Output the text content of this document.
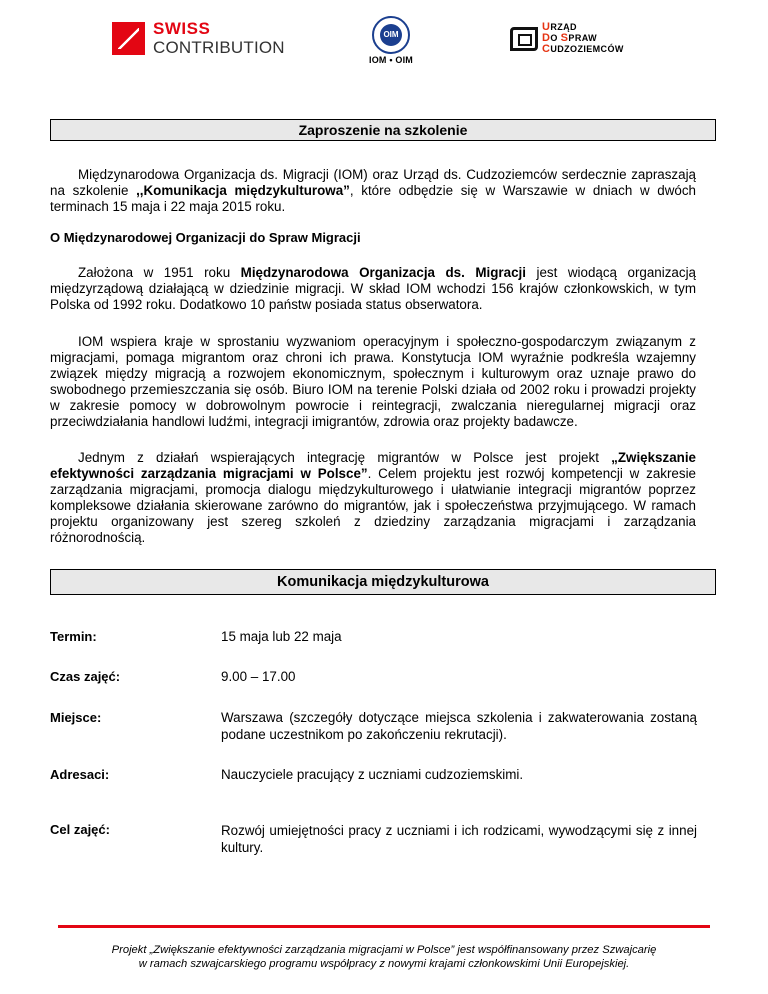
SWISS
CONTRIBUTION
OIM
IOM • OIM
URZĄD
DO SPRAW
CUDZOZIEMCÓW
Zaproszenie na szkolenie
Międzynarodowa Organizacja ds. Migracji (IOM) oraz Urząd ds. Cudzoziemców serdecznie zapraszają na szkolenie ,,Komunikacja międzykulturowa”, które odbędzie się w Warszawie w dniach w dwóch terminach 15 maja i 22 maja 2015 roku.
O Międzynarodowej Organizacji do Spraw Migracji
Założona w 1951 roku Międzynarodowa Organizacja ds. Migracji jest wiodącą organizacją międzyrządową działającą w dziedzinie migracji. W skład IOM wchodzi 156 krajów członkowskich, w tym Polska od 1992 roku. Dodatkowo 10 państw posiada status obserwatora.
IOM wspiera kraje w sprostaniu wyzwaniom operacyjnym i społeczno-gospodarczym związanym z migracjami, pomaga migrantom oraz chroni ich prawa. Konstytucja IOM wyraźnie podkreśla wzajemny związek między migracją a rozwojem ekonomicznym, społecznym i kulturowym oraz uznaje prawo do swobodnego przemieszczania się osób. Biuro IOM na terenie Polski działa od 2002 roku i prowadzi projekty w zakresie pomocy w dobrowolnym powrocie i reintegracji, zwalczania nieregularnej migracji oraz przeciwdziałania handlowi ludźmi, integracji imigrantów, zdrowia oraz projekty badawcze.
Jednym z działań wspierających integrację migrantów w Polsce jest projekt „Zwiększanie efektywności zarządzania migracjami w Polsce”. Celem projektu jest rozwój kompetencji w zakresie zarządzania migracjami, promocja dialogu międzykulturowego i ułatwianie integracji migrantów poprzez kompleksowe działania skierowane zarówno do migrantów, jak i społeczeństwa przyjmującego. W ramach projektu organizowany jest szereg szkoleń z dziedziny zarządzania migracjami i zarządzania różnorodnością.
Komunikacja międzykulturowa
Termin:	15 maja lub 22 maja
Czas zajęć:	9.00 – 17.00
Miejsce:	Warszawa (szczegóły dotyczące miejsca szkolenia i zakwaterowania zostaną podane uczestnikom po zakończeniu rekrutacji).
Adresaci:	Nauczyciele pracujący z uczniami cudzoziemskimi.
Cel zajęć:	Rozwój umiejętności pracy z uczniami i ich rodzicami, wywodzącymi się z innej kultury.
Projekt „Zwiększanie efektywności zarządzania migracjami w Polsce” jest współfinansowany przez Szwajcarię
w ramach szwajcarskiego programu współpracy z nowymi krajami członkowskimi Unii Europejskiej.
